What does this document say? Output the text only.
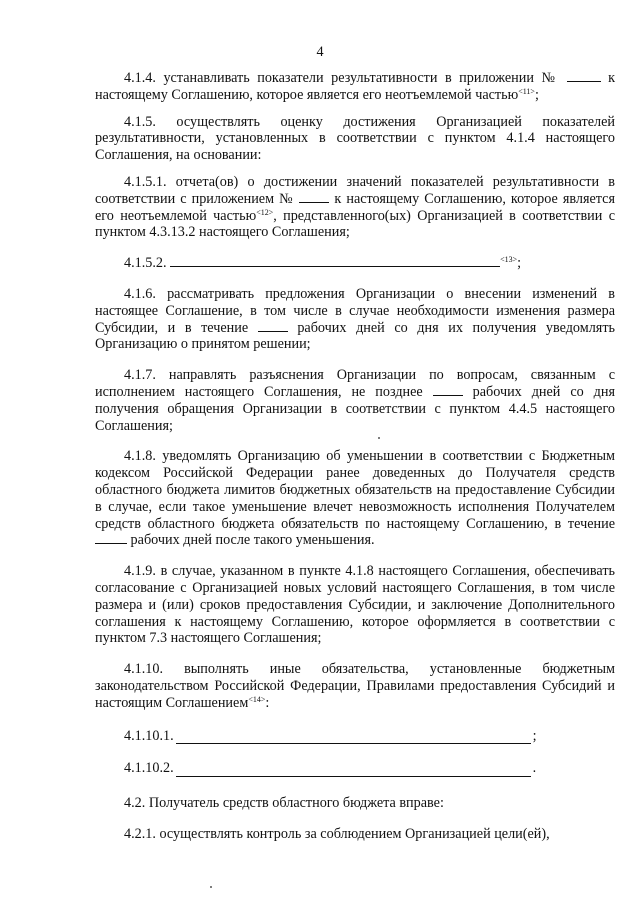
4

4.1.4. устанавливать показатели результативности в приложении №	к настоящему Соглашению, которое является его неотъемлемой частью$^{<11>}$;

4.1.5. осуществлять оценку достижения Организацией показателей результативности, установленных в соответствии с пунктом 4.1.4 настоящего Соглашения, на основании:

4.1.5.1. отчета(ов) о достижении значений показателей результативности в соответствии с приложением №	к настоящему Соглашению, которое является его неотъемлемой частью$^{<12>}$, представленного(ых) Организацией в соответствии с пунктом 4.3.13.2 настоящего Соглашения;

4.1.5.2.	$^{<13>}$;

4.1.6. рассматривать предложения Организации о внесении изменений в настоящее Соглашение, в том числе в случае необходимости изменения размера Субсидии, и в течение	рабочих дней со дня их получения уведомлять Организацию о принятом решении;

4.1.7. направлять разъяснения Организации по вопросам, связанным с исполнением настоящего Соглашения, не позднее	рабочих дней со дня получения обращения Организации в соответствии с пунктом 4.4.5 настоящего Соглашения;

4.1.8. уведомлять Организацию об уменьшении в соответствии с Бюджетным кодексом Российской Федерации ранее доведенных до Получателя средств областного бюджета лимитов бюджетных обязательств на предоставление Субсидии в случае, если такое уменьшение влечет невозможность исполнения Получателем средств областного бюджета обязательств по настоящему Соглашению, в течение  рабочих дней после такого уменьшения.

4.1.9. в случае, указанном в пункте 4.1.8 настоящего Соглашения, обеспечивать согласование с Организацией новых условий настоящего Соглашения, в том числе размера и (или) сроков предоставления Субсидии, и заключение Дополнительного соглашения к настоящему Соглашению, которое оформляется в соответствии с пунктом 7.3 настоящего Соглашения;

4.1.10. выполнять иные обязательства, установленные бюджетным законодательством Российской Федерации, Правилами предоставления Субсидий и настоящим Соглашением$^{<14>}$:

4.1.10.1.	;
4.1.10.2.	.

4.2. Получатель средств областного бюджета вправе:

4.2.1. осуществлять контроль за соблюдением Организацией цели(ей),
